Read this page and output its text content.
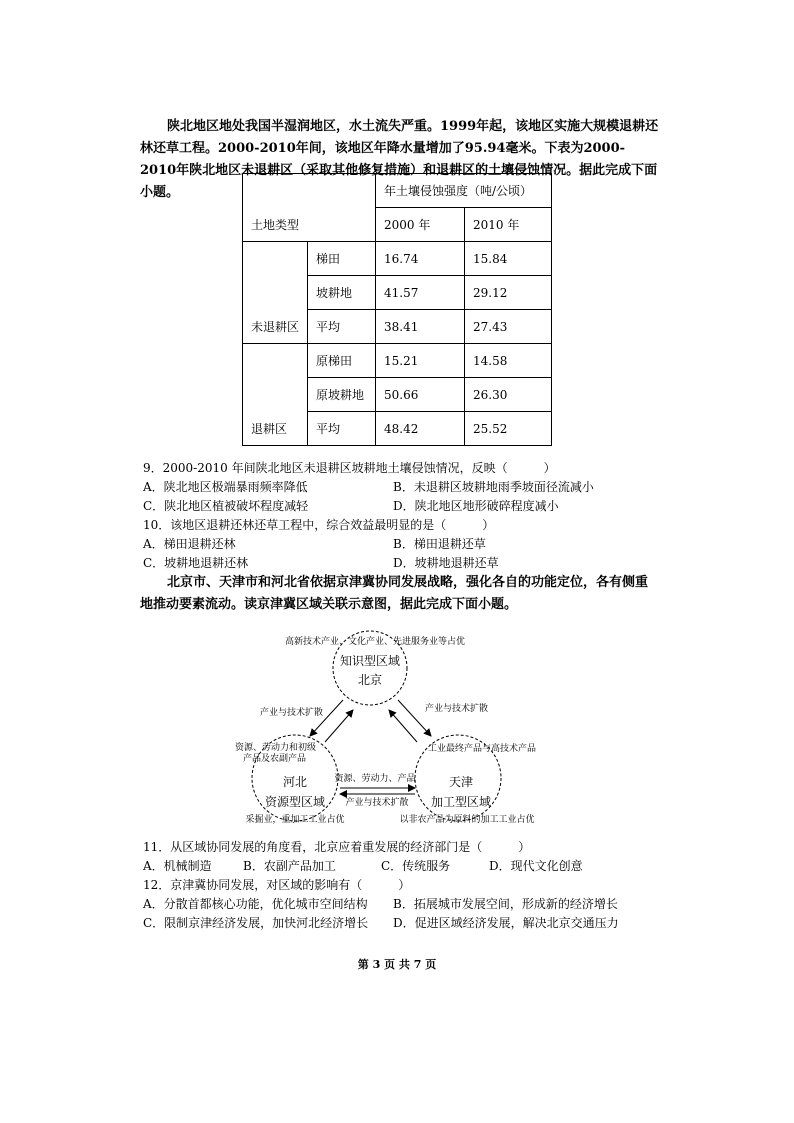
陕北地区地处我国半湿润地区，水土流失严重。1999年起，该地区实施大规模退耕还林还草工程。2000-2010年间，该地区年降水量增加了95.94毫米。下表为2000-2010年陕北地区未退耕区（采取其他修复措施）和退耕区的土壤侵蚀情况。据此完成下面小题。

土地类型		年土壤侵蚀强度（吨/公顷）	
		2000 年	2010 年
未退耕区	梯田	16.74	15.84
	坡耕地	41.57	29.12
	平均	38.41	27.43
退耕区	原梯田	15.21	14.58
	原坡耕地	50.66	26.30
	平均	48.42	25.52
9．2000-2010 年间陕北地区未退耕区坡耕地土壤侵蚀情况，反映（　　　）
A．陕北地区极端暴雨频率降低	B．未退耕区坡耕地雨季坡面径流减小
C．陕北地区植被破坏程度减轻	D．陕北地区地形破碎程度减小
10．该地区退耕还林还草工程中，综合效益最明显的是（　　　）
A．梯田退耕还林	B．梯田退耕还草
C．坡耕地退耕还林	D．坡耕地退耕还草

北京市、天津市和河北省依据京津冀协同发展战略，强化各自的功能定位，各有侧重地推动要素流动。读京津冀区域关联示意图，据此完成下面小题。

高新技术产业、文化产业、先进服务业等占优
知识型区域
北京
产业与技术扩散	产业与技术扩散
资源、劳动力和初级
产品及农副产品
工业最终产品与高技术产品
河北
资源型区域
采掘业，重加工工业占优
天津
加工型区域
以非农产品为原料的加工工业占优
资源、劳动力、产品
产业与技术扩散
11．从区域协同发展的角度看，北京应着重发展的经济部门是（　　　）
A．机械制造	B．农副产品加工	C．传统服务	D．现代文化创意
12．京津冀协同发展，对区域的影响有（　　　）
A．分散首都核心功能，优化城市空间结构	B．拓展城市发展空间，形成新的经济增长
C．限制京津经济发展，加快河北经济增长	D．促进区域经济发展，解决北京交通压力
第 3 页 共 7 页
